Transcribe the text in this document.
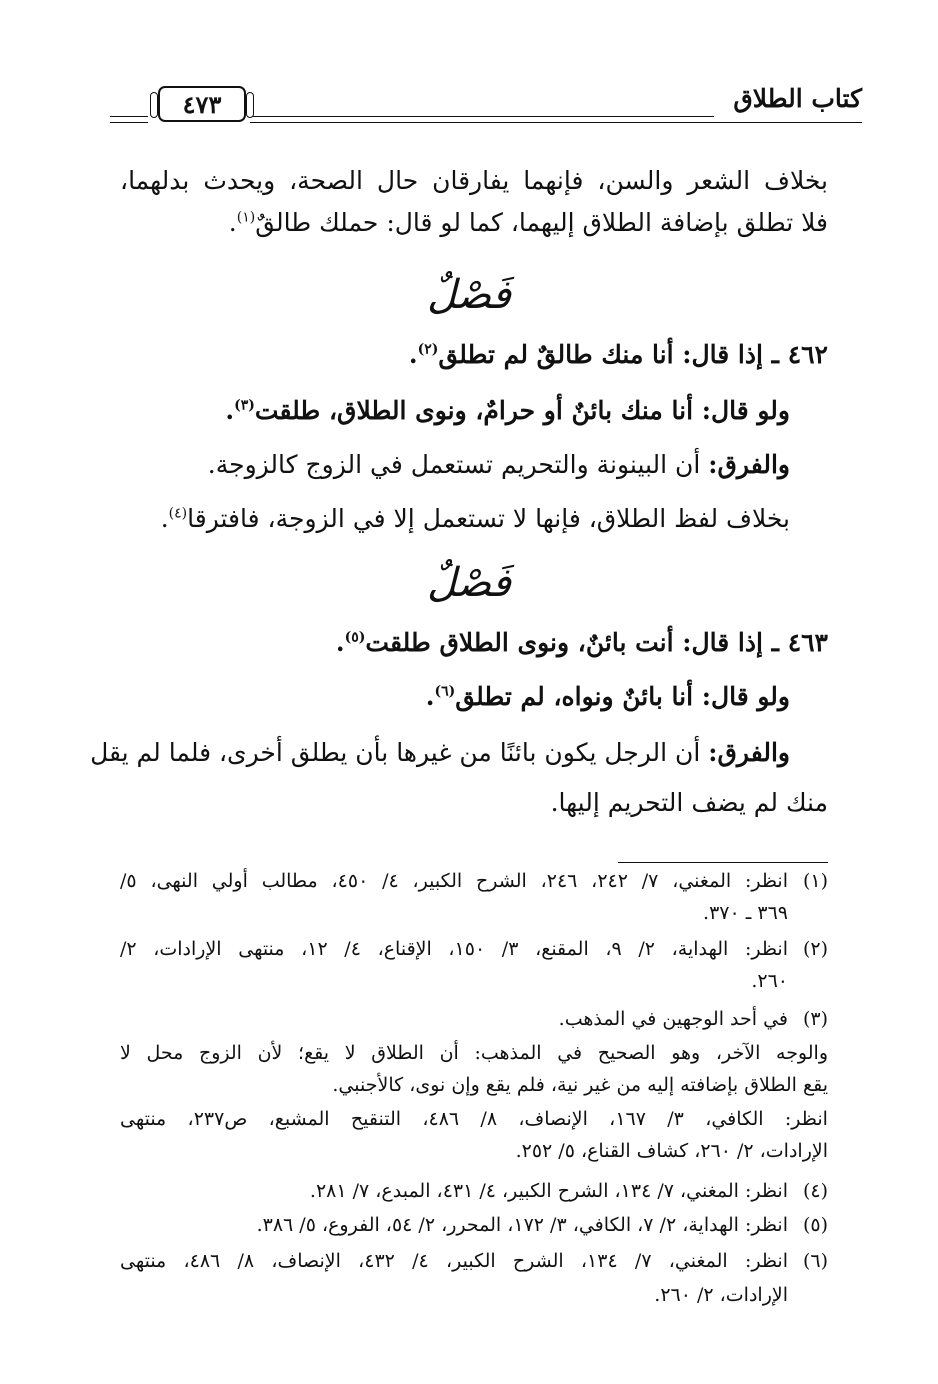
كتاب الطلاق
٤٧٣
بخلاف الشعر والسن، فإنهما يفارقان حال الصحة، ويحدث بدلهما،
فلا تطلق بإضافة الطلاق إليهما، كما لو قال: حملك طالقٌ$^{(١)}$.
فَصْلٌ
٤٦٢ ـ إذا قال: أنا منك طالقٌ لم تطلق$^{(٢)}$.
ولو قال: أنا منك بائنٌ أو حرامٌ، ونوى الطلاق، طلقت$^{(٣)}$.
والفرق: أن البينونة والتحريم تستعمل في الزوج كالزوجة.
بخلاف لفظ الطلاق، فإنها لا تستعمل إلا في الزوجة، فافترقا$^{(٤)}$.
فَصْلٌ
٤٦٣ ـ إذا قال: أنت بائنٌ، ونوى الطلاق طلقت$^{(٥)}$.
ولو قال: أنا بائنٌ ونواه، لم تطلق$^{(٦)}$.
والفرق: أن الرجل يكون بائنًا من غيرها بأن يطلق أخرى، فلما لم يقل
منك لم يضف التحريم إليها.
(١)
انظر: المغني، ٧/ ٢٤٢، ٢٤٦، الشرح الكبير، ٤/ ٤٥٠، مطالب أولي النهى، ٥/
٣٦٩ ـ ٣٧٠.
(٢)
انظر: الهداية، ٢/ ٩، المقنع، ٣/ ١٥٠، الإقناع، ٤/ ١٢، منتهى الإرادات، ٢/
٢٦٠.
(٣)
في أحد الوجهين في المذهب.
والوجه الآخر، وهو الصحيح في المذهب: أن الطلاق لا يقع؛ لأن الزوج محل لا
يقع الطلاق بإضافته إليه من غير نية، فلم يقع وإن نوى، كالأجنبي.
انظر: الكافي، ٣/ ١٦٧، الإنصاف، ٨/ ٤٨٦، التنقيح المشبع، ص٢٣٧، منتهى
الإرادات، ٢/ ٢٦٠، كشاف القناع، ٥/ ٢٥٢.
(٤)
انظر: المغني، ٧/ ١٣٤، الشرح الكبير، ٤/ ٤٣١، المبدع، ٧/ ٢٨١.
(٥)
انظر: الهداية، ٢/ ٧، الكافي، ٣/ ١٧٢، المحرر، ٢/ ٥٤، الفروع، ٥/ ٣٨٦.
(٦)
انظر: المغني، ٧/ ١٣٤، الشرح الكبير، ٤/ ٤٣٢، الإنصاف، ٨/ ٤٨٦، منتهى
الإرادات، ٢/ ٢٦٠.
